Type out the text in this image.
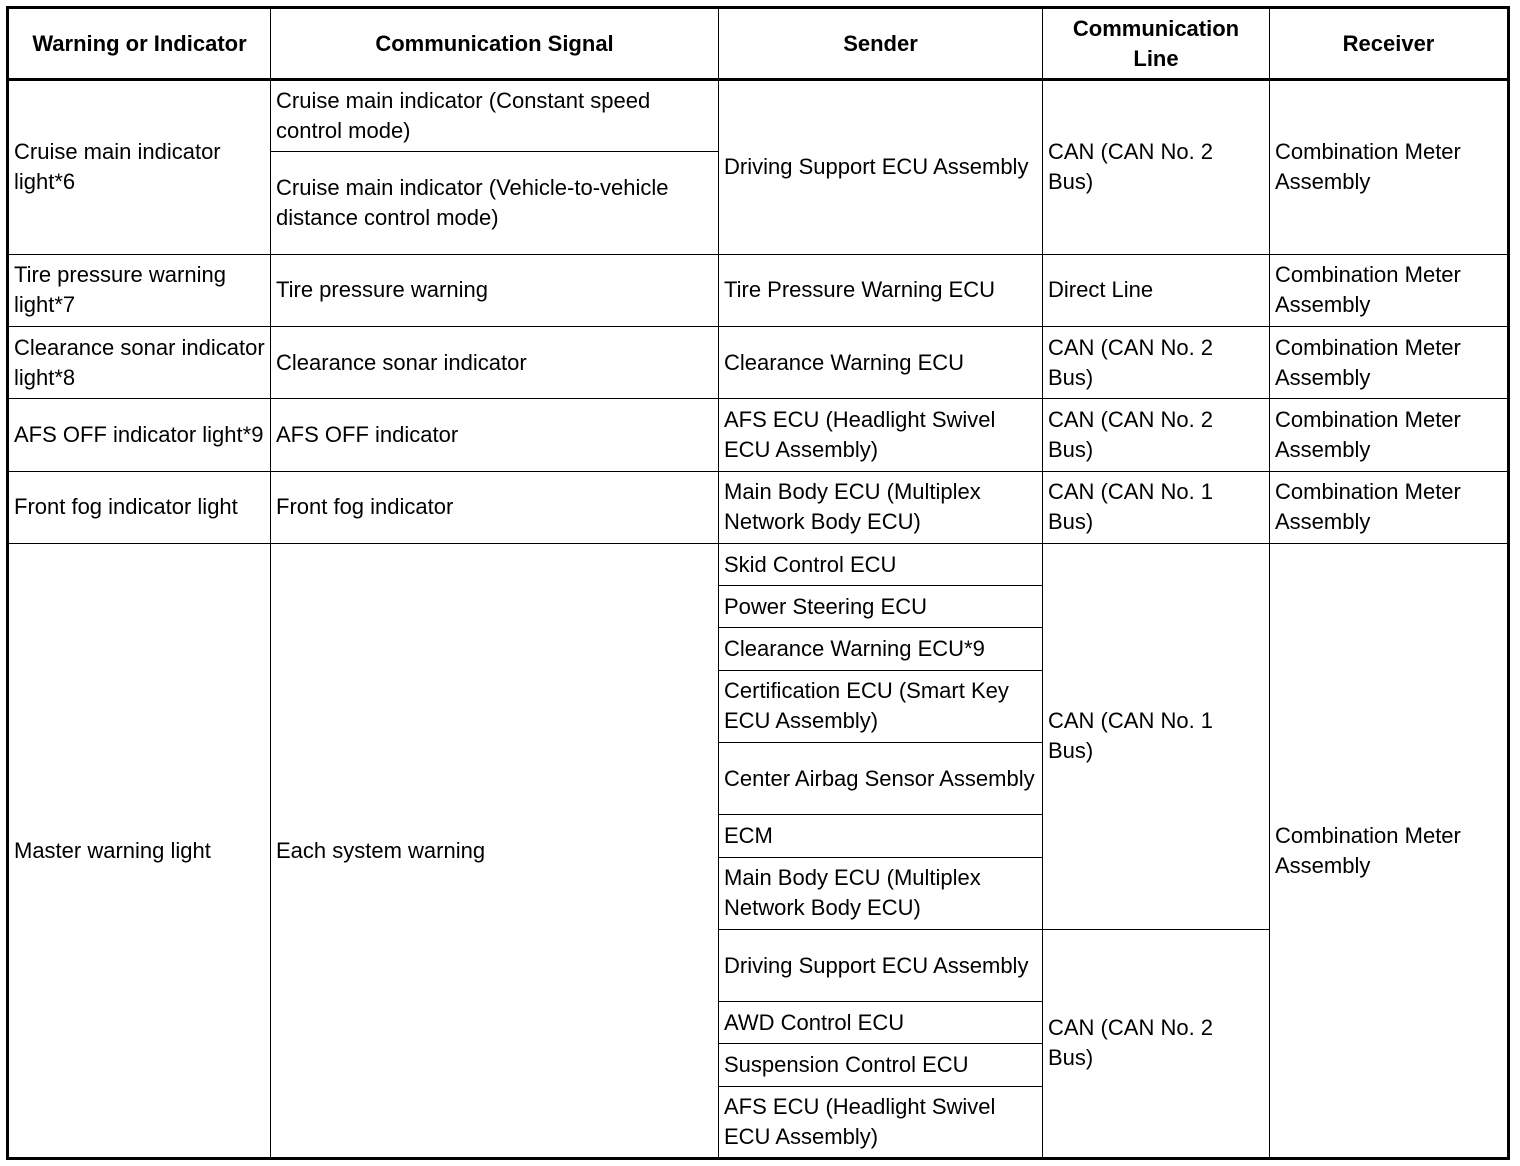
Warning or Indicator	Communication Signal	Sender	Communication Line	Receiver
Cruise main indicator light*6	Cruise main indicator (Constant speed control mode)	Driving Support ECU Assembly	CAN (CAN No. 2 Bus)	Combination Meter Assembly
	Cruise main indicator (Vehicle-to-vehicle distance control mode)			
Tire pressure warning light*7	Tire pressure warning	Tire Pressure Warning ECU	Direct Line	Combination Meter Assembly
Clearance sonar indicator light*8	Clearance sonar indicator	Clearance Warning ECU	CAN (CAN No. 2 Bus)	Combination Meter Assembly
AFS OFF indicator light*9	AFS OFF indicator	AFS ECU (Headlight Swivel ECU Assembly)	CAN (CAN No. 2 Bus)	Combination Meter Assembly
Front fog indicator light	Front fog indicator	Main Body ECU (Multiplex Network Body ECU)	CAN (CAN No. 1 Bus)	Combination Meter Assembly
Master warning light	Each system warning	Skid Control ECU	CAN (CAN No. 1 Bus)	Combination Meter Assembly
		Power Steering ECU		
		Clearance Warning ECU*9		
		Certification ECU (Smart Key ECU Assembly)		
		Center Airbag Sensor Assembly		
		ECM		
		Main Body ECU (Multiplex Network Body ECU)		
		Driving Support ECU Assembly	CAN (CAN No. 2 Bus)	
		AWD Control ECU		
		Suspension Control ECU		
		AFS ECU (Headlight Swivel ECU Assembly)		
